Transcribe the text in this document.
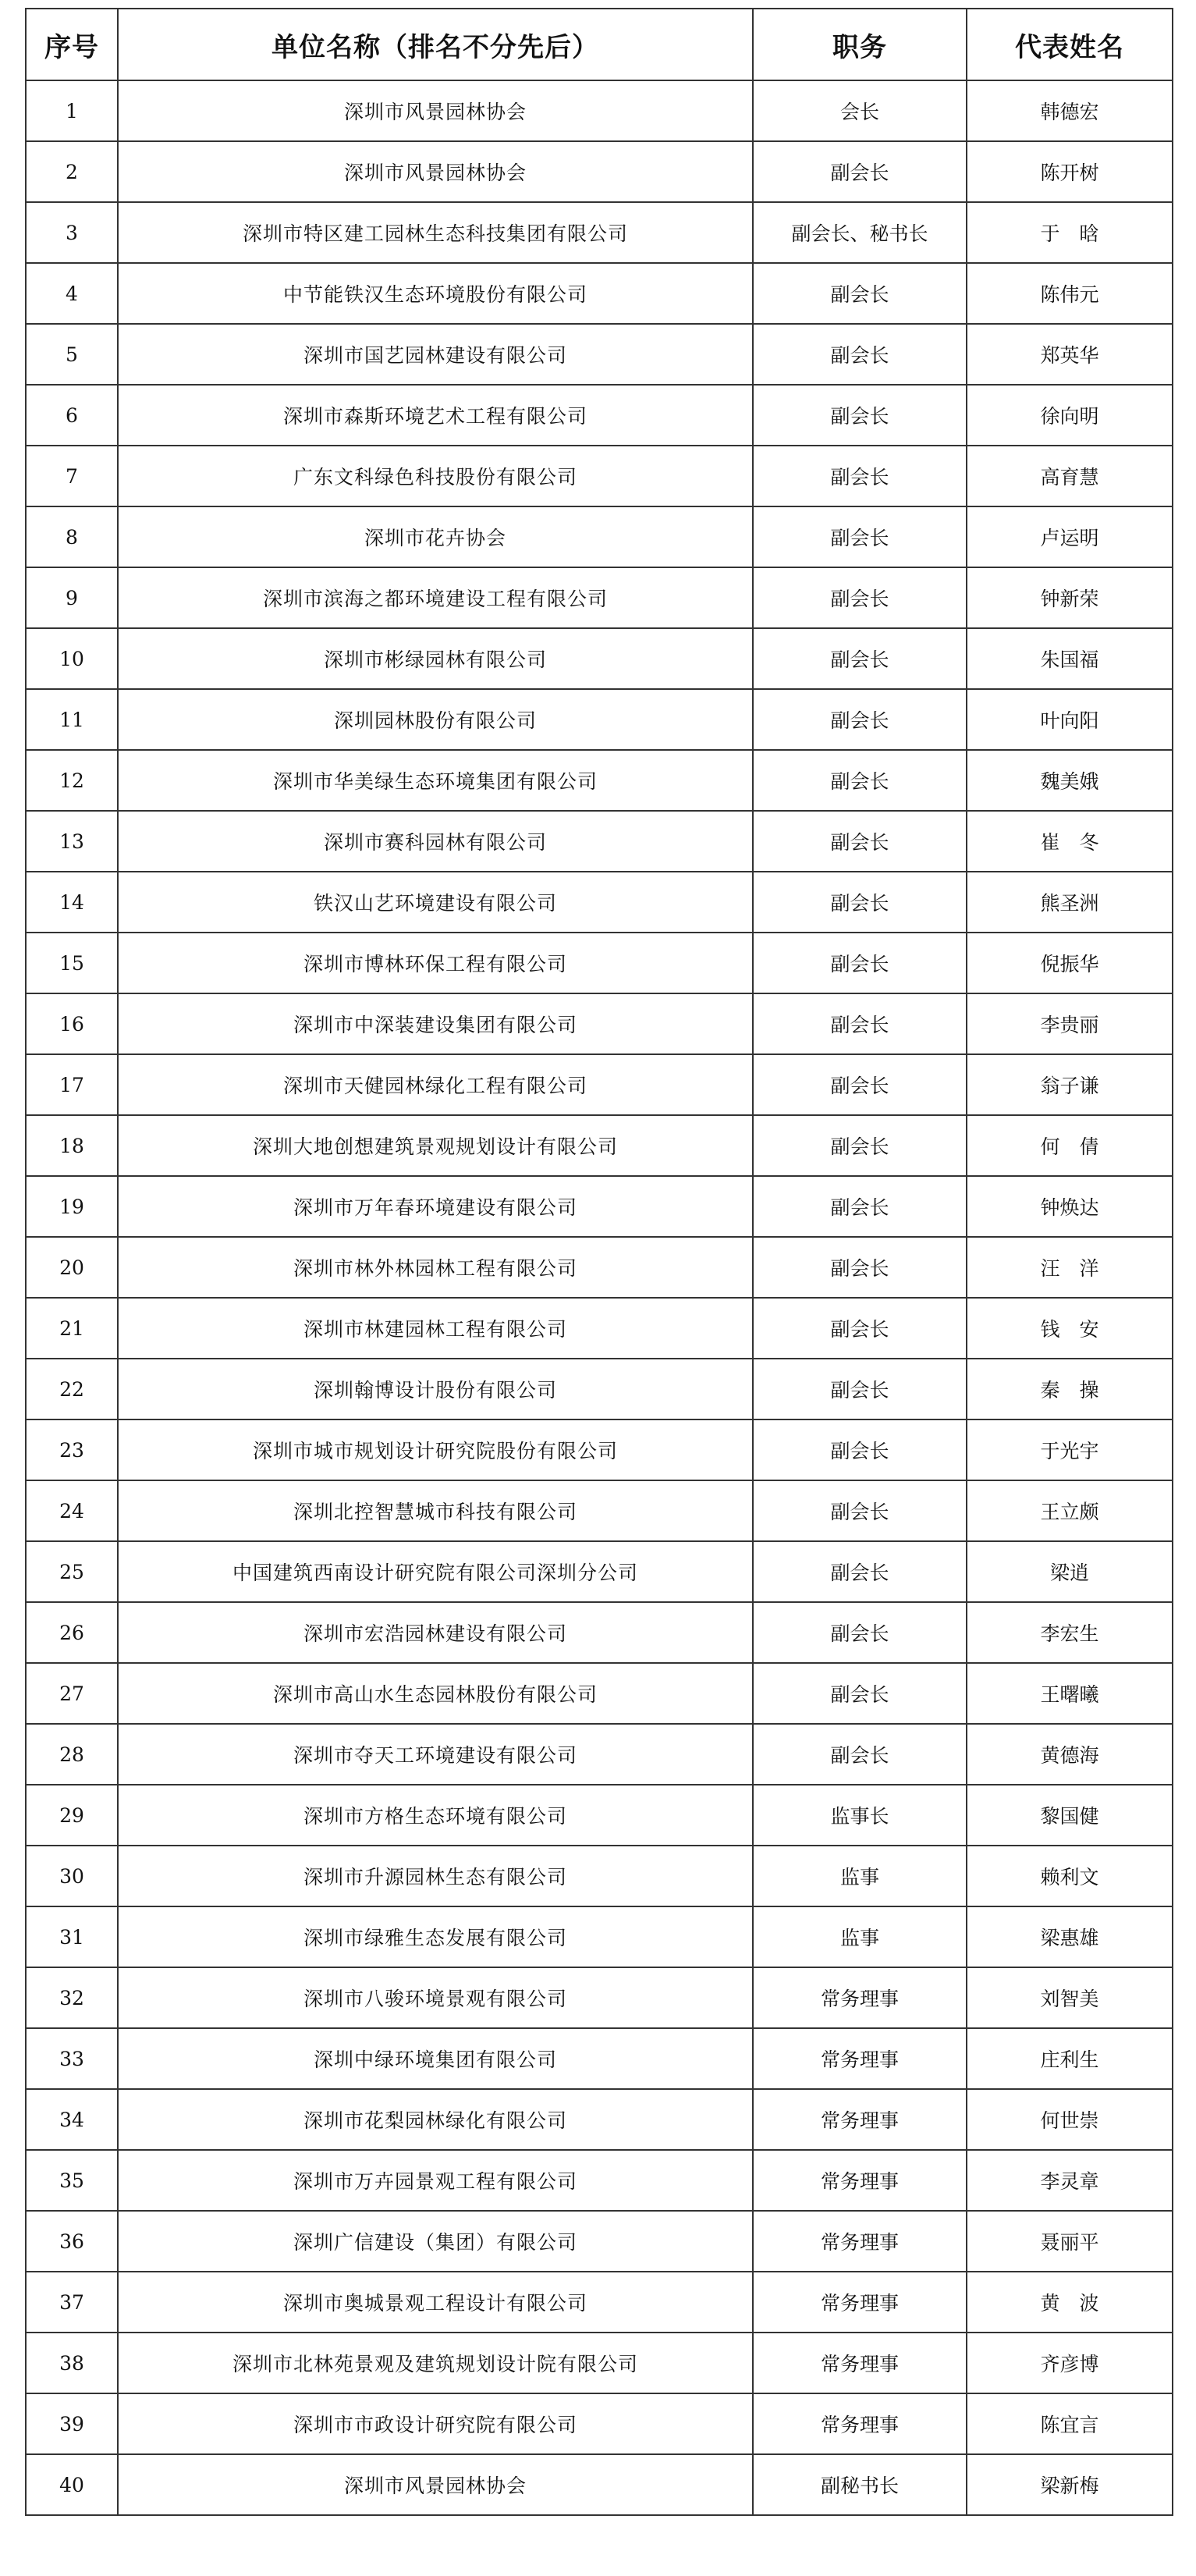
序号	单位名称（排名不分先后）	职务	代表姓名
1	深圳市风景园林协会	会长	韩德宏
2	深圳市风景园林协会	副会长	陈开树
3	深圳市特区建工园林生态科技集团有限公司	副会长、秘书长	于　晗
4	中节能铁汉生态环境股份有限公司	副会长	陈伟元
5	深圳市国艺园林建设有限公司	副会长	郑英华
6	深圳市森斯环境艺术工程有限公司	副会长	徐向明
7	广东文科绿色科技股份有限公司	副会长	高育慧
8	深圳市花卉协会	副会长	卢运明
9	深圳市滨海之都环境建设工程有限公司	副会长	钟新荣
10	深圳市彬绿园林有限公司	副会长	朱国福
11	深圳园林股份有限公司	副会长	叶向阳
12	深圳市华美绿生态环境集团有限公司	副会长	魏美娥
13	深圳市赛科园林有限公司	副会长	崔　冬
14	铁汉山艺环境建设有限公司	副会长	熊圣洲
15	深圳市博林环保工程有限公司	副会长	倪振华
16	深圳市中深装建设集团有限公司	副会长	李贵丽
17	深圳市天健园林绿化工程有限公司	副会长	翁子谦
18	深圳大地创想建筑景观规划设计有限公司	副会长	何　倩
19	深圳市万年春环境建设有限公司	副会长	钟焕达
20	深圳市林外林园林工程有限公司	副会长	汪　洋
21	深圳市林建园林工程有限公司	副会长	钱　安
22	深圳翰博设计股份有限公司	副会长	秦　操
23	深圳市城市规划设计研究院股份有限公司	副会长	于光宇
24	深圳北控智慧城市科技有限公司	副会长	王立颇
25	中国建筑西南设计研究院有限公司深圳分公司	副会长	梁逍
26	深圳市宏浩园林建设有限公司	副会长	李宏生
27	深圳市高山水生态园林股份有限公司	副会长	王曙曦
28	深圳市夺天工环境建设有限公司	副会长	黄德海
29	深圳市方格生态环境有限公司	监事长	黎国健
30	深圳市升源园林生态有限公司	监事	赖利文
31	深圳市绿雅生态发展有限公司	监事	梁惠雄
32	深圳市八骏环境景观有限公司	常务理事	刘智美
33	深圳中绿环境集团有限公司	常务理事	庄利生
34	深圳市花梨园林绿化有限公司	常务理事	何世崇
35	深圳市万卉园景观工程有限公司	常务理事	李灵章
36	深圳广信建设（集团）有限公司	常务理事	聂丽平
37	深圳市奥城景观工程设计有限公司	常务理事	黄　波
38	深圳市北林苑景观及建筑规划设计院有限公司	常务理事	齐彦博
39	深圳市市政设计研究院有限公司	常务理事	陈宜言
40	深圳市风景园林协会	副秘书长	梁新梅
